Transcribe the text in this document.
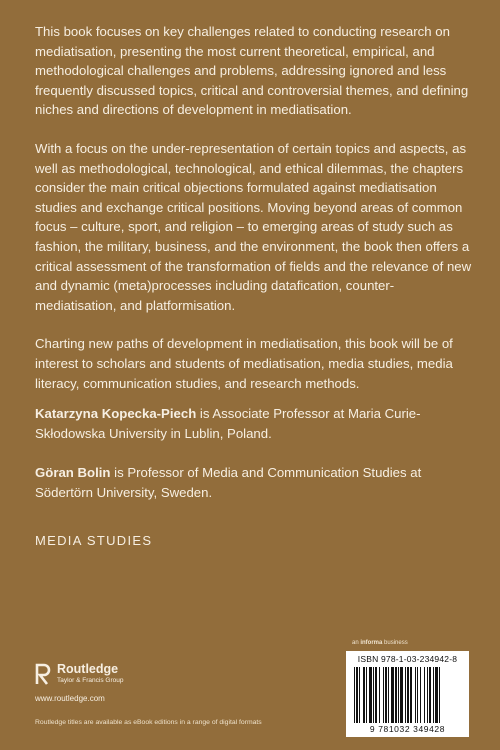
This book focuses on key challenges related to conducting research on mediatisation, presenting the most current theoretical, empirical, and methodological challenges and problems, addressing ignored and less frequently discussed topics, critical and controversial themes, and defining niches and directions of development in mediatisation.

With a focus on the under-representation of certain topics and aspects, as well as methodological, technological, and ethical dilemmas, the chapters consider the main critical objections formulated against mediatisation studies and exchange critical positions. Moving beyond areas of common focus – culture, sport, and religion – to emerging areas of study such as fashion, the military, business, and the environment, the book then offers a critical assessment of the transformation of fields and the relevance of new and dynamic (meta)processes including datafication, counter-mediatisation, and platformisation.

Charting new paths of development in mediatisation, this book will be of interest to scholars and students of mediatisation, media studies, media literacy, communication studies, and research methods.

Katarzyna Kopecka-Piech is Associate Professor at Maria Curie-Skłodowska University in Lublin, Poland.
Göran Bolin is Professor of Media and Communication Studies at Södertörn University, Sweden.
MEDIA STUDIES
an informa business
Routledge
Taylor & Francis Group
www.routledge.com
Routledge titles are available as eBook editions in a range of digital formats
ISBN 978-1-03-234942-8
9 781032 349428
